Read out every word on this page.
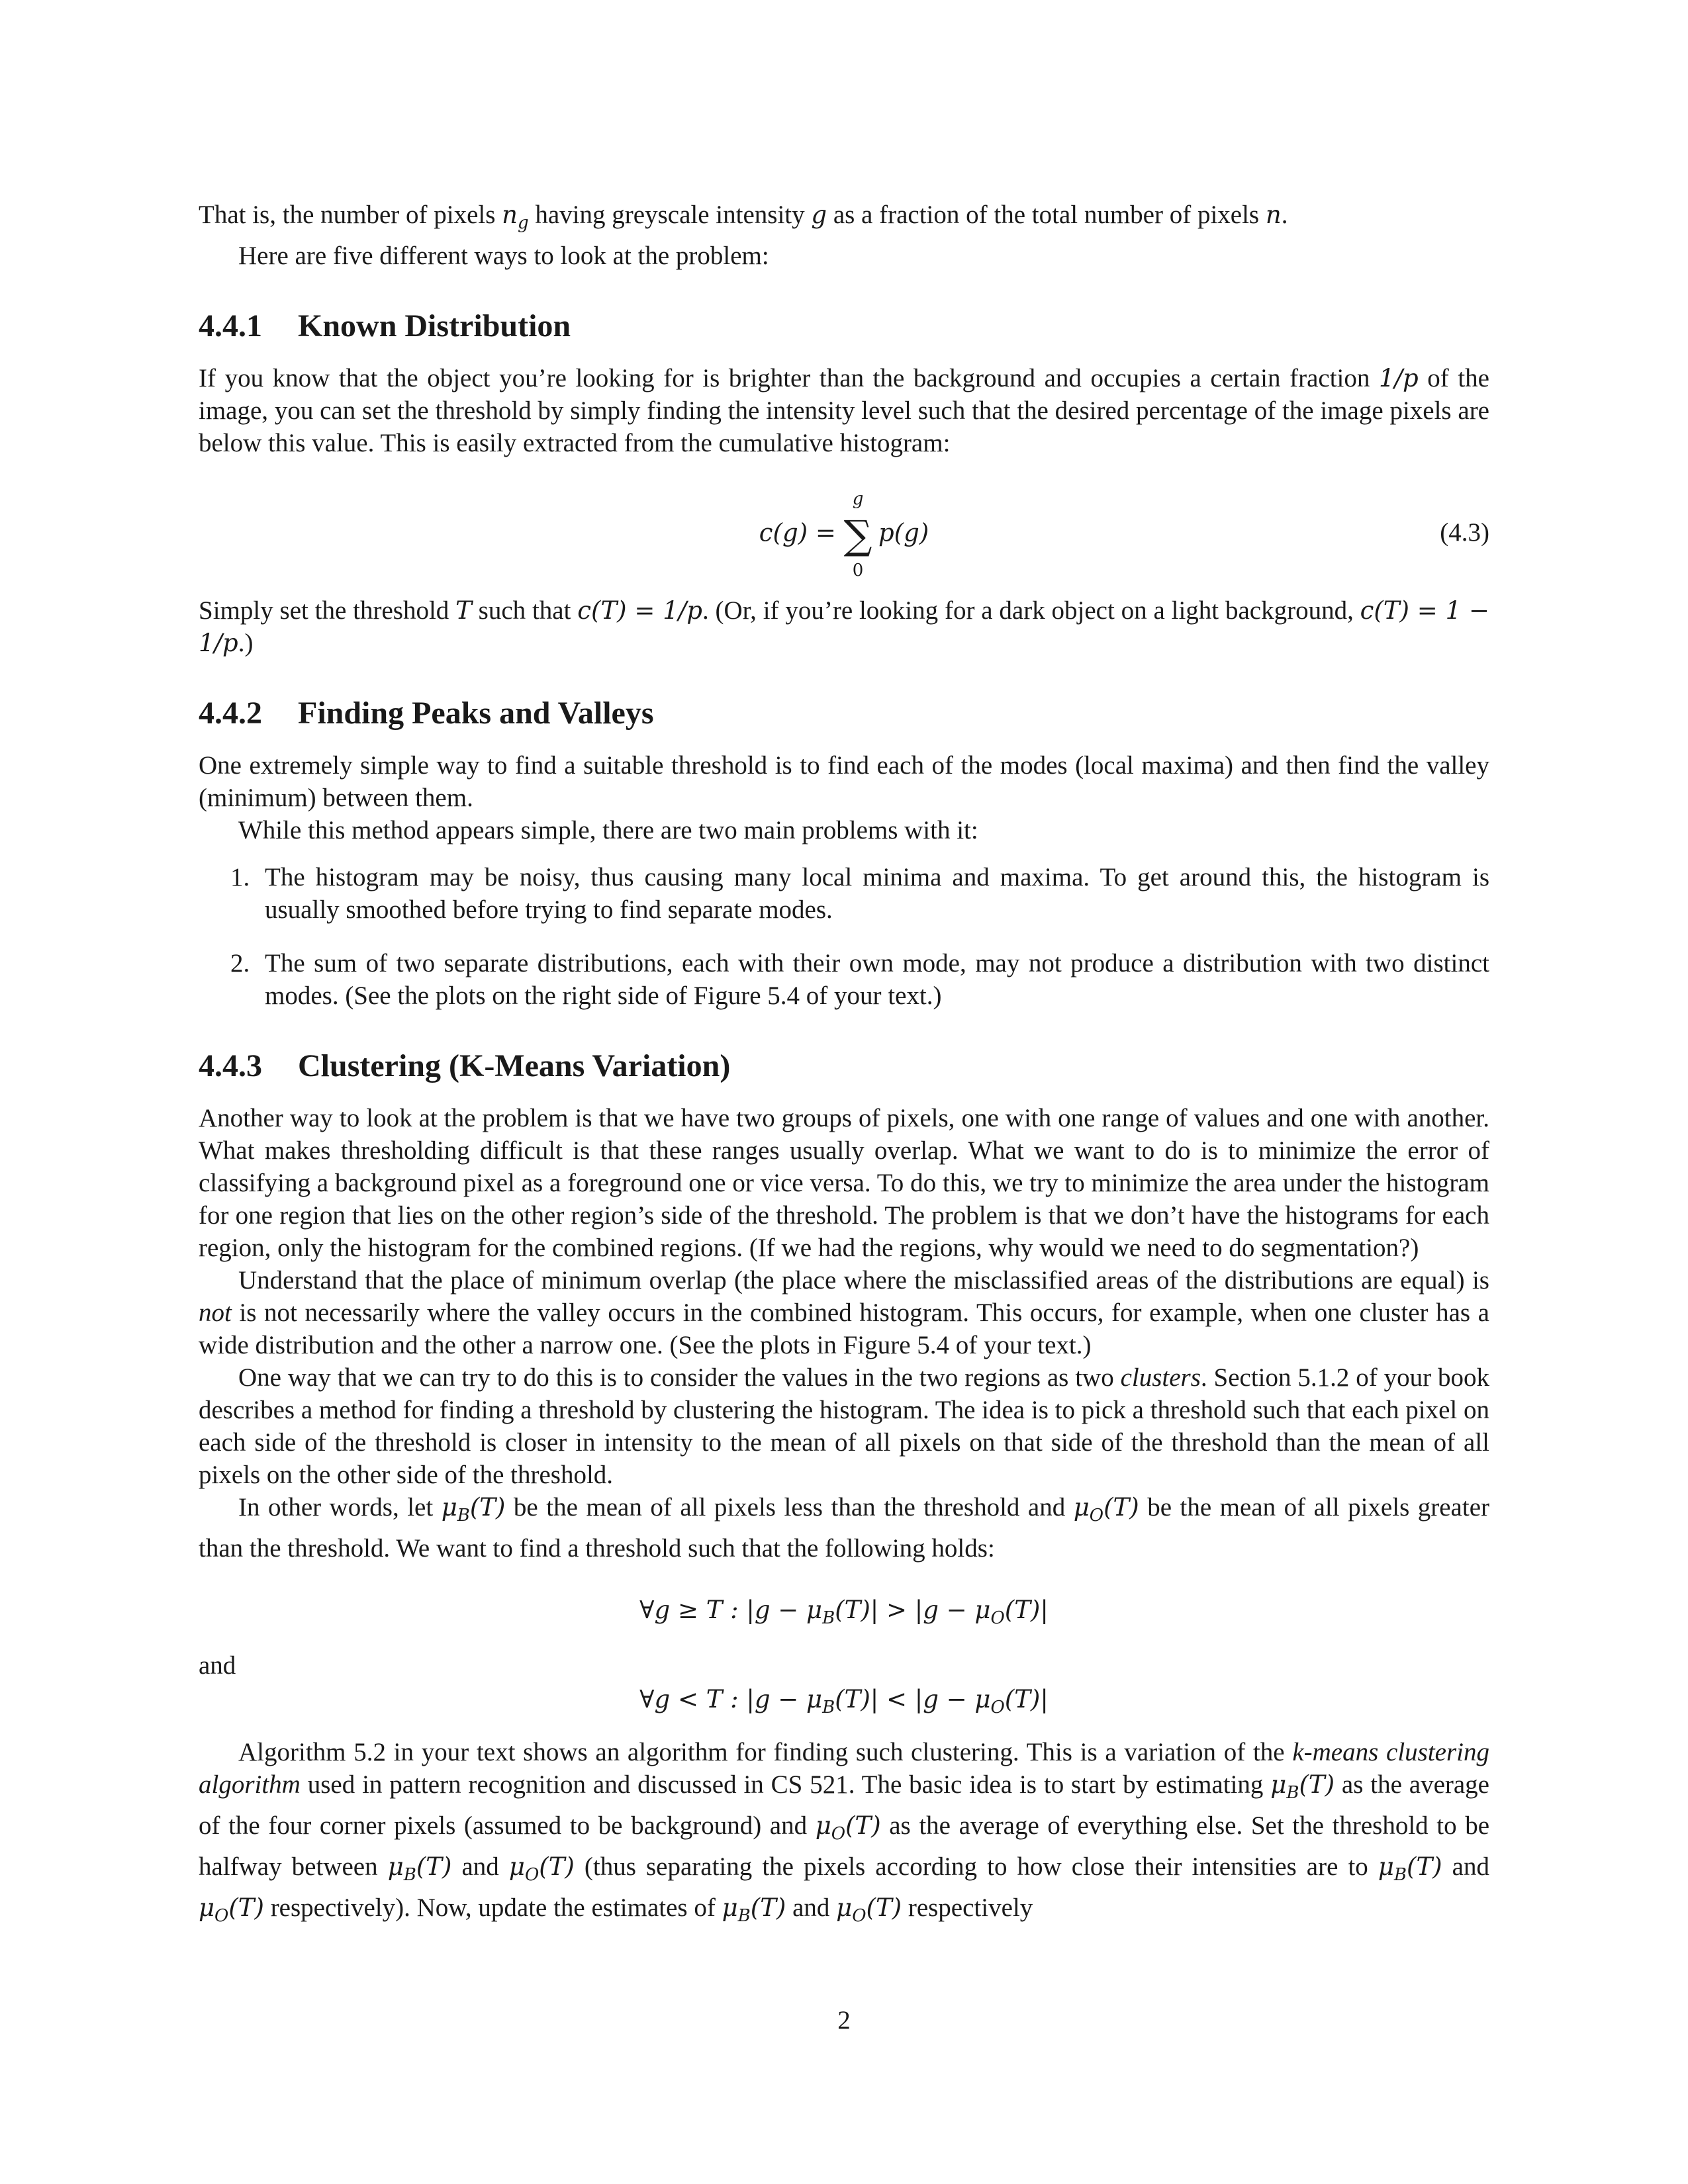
That is, the number of pixels $n_g$ having greyscale intensity g as a fraction of the total number of pixels n.

Here are five different ways to look at the problem:

4.4.1 Known Distribution

If you know that the object you’re looking for is brighter than the background and occupies a certain fraction 1/p of the image, you can set the threshold by simply finding the intensity level such that the desired percentage of the image pixels are below this value. This is easily extracted from the cumulative histogram:

c(g) =
g
∑
0
p(g)	(4.3)

Simply set the threshold T such that c(T) = 1/p. (Or, if you’re looking for a dark object on a light background, c(T) = 1 − 1/p.)

4.4.2 Finding Peaks and Valleys

One extremely simple way to find a suitable threshold is to find each of the modes (local maxima) and then find the valley (minimum) between them.

While this method appears simple, there are two main problems with it:

1. The histogram may be noisy, thus causing many local minima and maxima. To get around this, the histogram is usually smoothed before trying to find separate modes.
2. The sum of two separate distributions, each with their own mode, may not produce a distribution with two distinct modes. (See the plots on the right side of Figure 5.4 of your text.)
4.4.3 Clustering (K-Means Variation)

Another way to look at the problem is that we have two groups of pixels, one with one range of values and one with another. What makes thresholding difficult is that these ranges usually overlap. What we want to do is to minimize the error of classifying a background pixel as a foreground one or vice versa. To do this, we try to minimize the area under the histogram for one region that lies on the other region’s side of the threshold. The problem is that we don’t have the histograms for each region, only the histogram for the combined regions. (If we had the regions, why would we need to do segmentation?)

Understand that the place of minimum overlap (the place where the misclassified areas of the distributions are equal) is not is not necessarily where the valley occurs in the combined histogram. This occurs, for example, when one cluster has a wide distribution and the other a narrow one. (See the plots in Figure 5.4 of your text.)

One way that we can try to do this is to consider the values in the two regions as two clusters. Section 5.1.2 of your book describes a method for finding a threshold by clustering the histogram. The idea is to pick a threshold such that each pixel on each side of the threshold is closer in intensity to the mean of all pixels on that side of the threshold than the mean of all pixels on the other side of the threshold.

In other words, let $\mu_B(T)$ be the mean of all pixels less than the threshold and $\mu_O(T)$ be the mean of all pixels greater than the threshold. We want to find a threshold such that the following holds:

∀g ≥ T : $|g - \mu_B(T)| > |g - \mu_O(T)|$

and

∀g < T : $|g - \mu_B(T)| < |g - \mu_O(T)|$

Algorithm 5.2 in your text shows an algorithm for finding such clustering. This is a variation of the k-means clustering algorithm used in pattern recognition and discussed in CS 521. The basic idea is to start by estimating $\mu_B(T)$ as the average of the four corner pixels (assumed to be background) and $\mu_O(T)$ as the average of everything else. Set the threshold to be halfway between $\mu_B(T)$ and $\mu_O(T)$ (thus separating the pixels according to how close their intensities are to $\mu_B(T)$ and $\mu_O(T)$ respectively). Now, update the estimates of $\mu_B(T)$ and $\mu_O(T)$ respectively

2
